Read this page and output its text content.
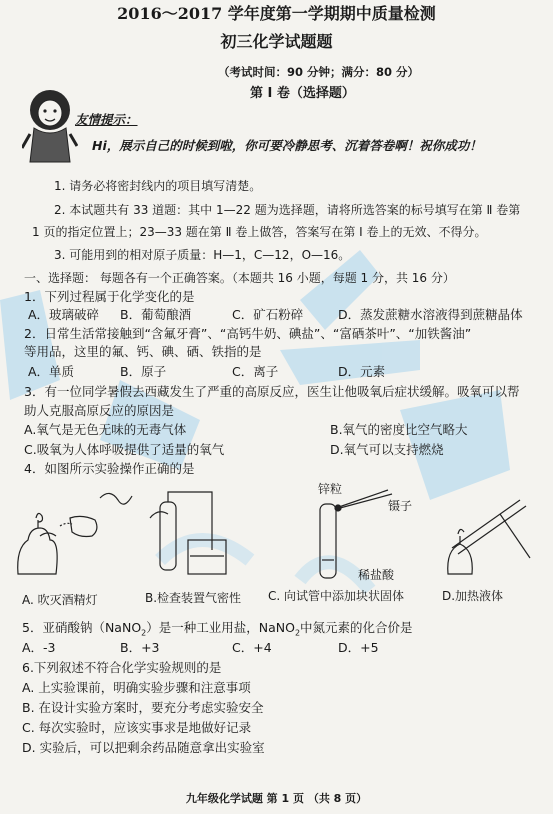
2016～2017 学年度第一学期期中质量检测
初三化学试题题
（考试时间：90 分钟；满分：80 分）
第 I 卷（选择题）
友情提示：
Hi，展示自己的时候到啦，你可要冷静思考、沉着答卷啊！祝你成功！
1. 请务必将密封线内的项目填写清楚。
2. 本试题共有 33 道题：其中 1—22 题为选择题，请将所选答案的标号填写在第 Ⅱ 卷第
1 页的指定位置上；23—33 题在第 Ⅱ 卷上做答，答案写在第 Ⅰ 卷上的无效、不得分。
3. 可能用到的相对原子质量：H—1，C—12，O—16。
一、选择题： 每题各有一个正确答案。（本题共 16 小题，每题 1 分，共 16 分）
1．下列过程属于化学变化的是
A．玻璃破碎 B．葡萄酿酒	C．矿石粉碎	D．蒸发蔗糖水溶液得到蔗糖晶体
2．日常生活常接触到“含氟牙膏”、“高钙牛奶、碘盐”、“富硒茶叶”、“加铁酱油”
等用品，这里的氟、钙、碘、硒、铁指的是
A．单质	B．原子	C．离子	D．元素
3．有一位同学暑假去西藏发生了严重的高原反应，医生让他吸氧后症状缓解。吸氧可以帮
助人克服高原反应的原因是
A.氧气是无色无味的无毒气体	B.氧气的密度比空气略大
C.吸氧为人体呼吸提供了适量的氧气	D.氧气可以支持燃烧
4．如图所示实验操作正确的是
锌粒
镊子
稀盐酸
A. 吹灭酒精灯	B.检查装置气密性 C. 向试管中添加块状固体	D.加热液体
5．亚硝酸钠（NaNO$_2$）是一种工业用盐，NaNO$_2$中氮元素的化合价是
A．-3	B．+3	C．+4	D．+5
6.下列叙述不符合化学实验规则的是
A. 上实验课前，明确实验步骤和注意事项
B. 在设计实验方案时，要充分考虑实验安全
C. 每次实验时，应该实事求是地做好记录
D. 实验后，可以把剩余药品随意拿出实验室
九年级化学试题 第 1 页 （共 8 页）
